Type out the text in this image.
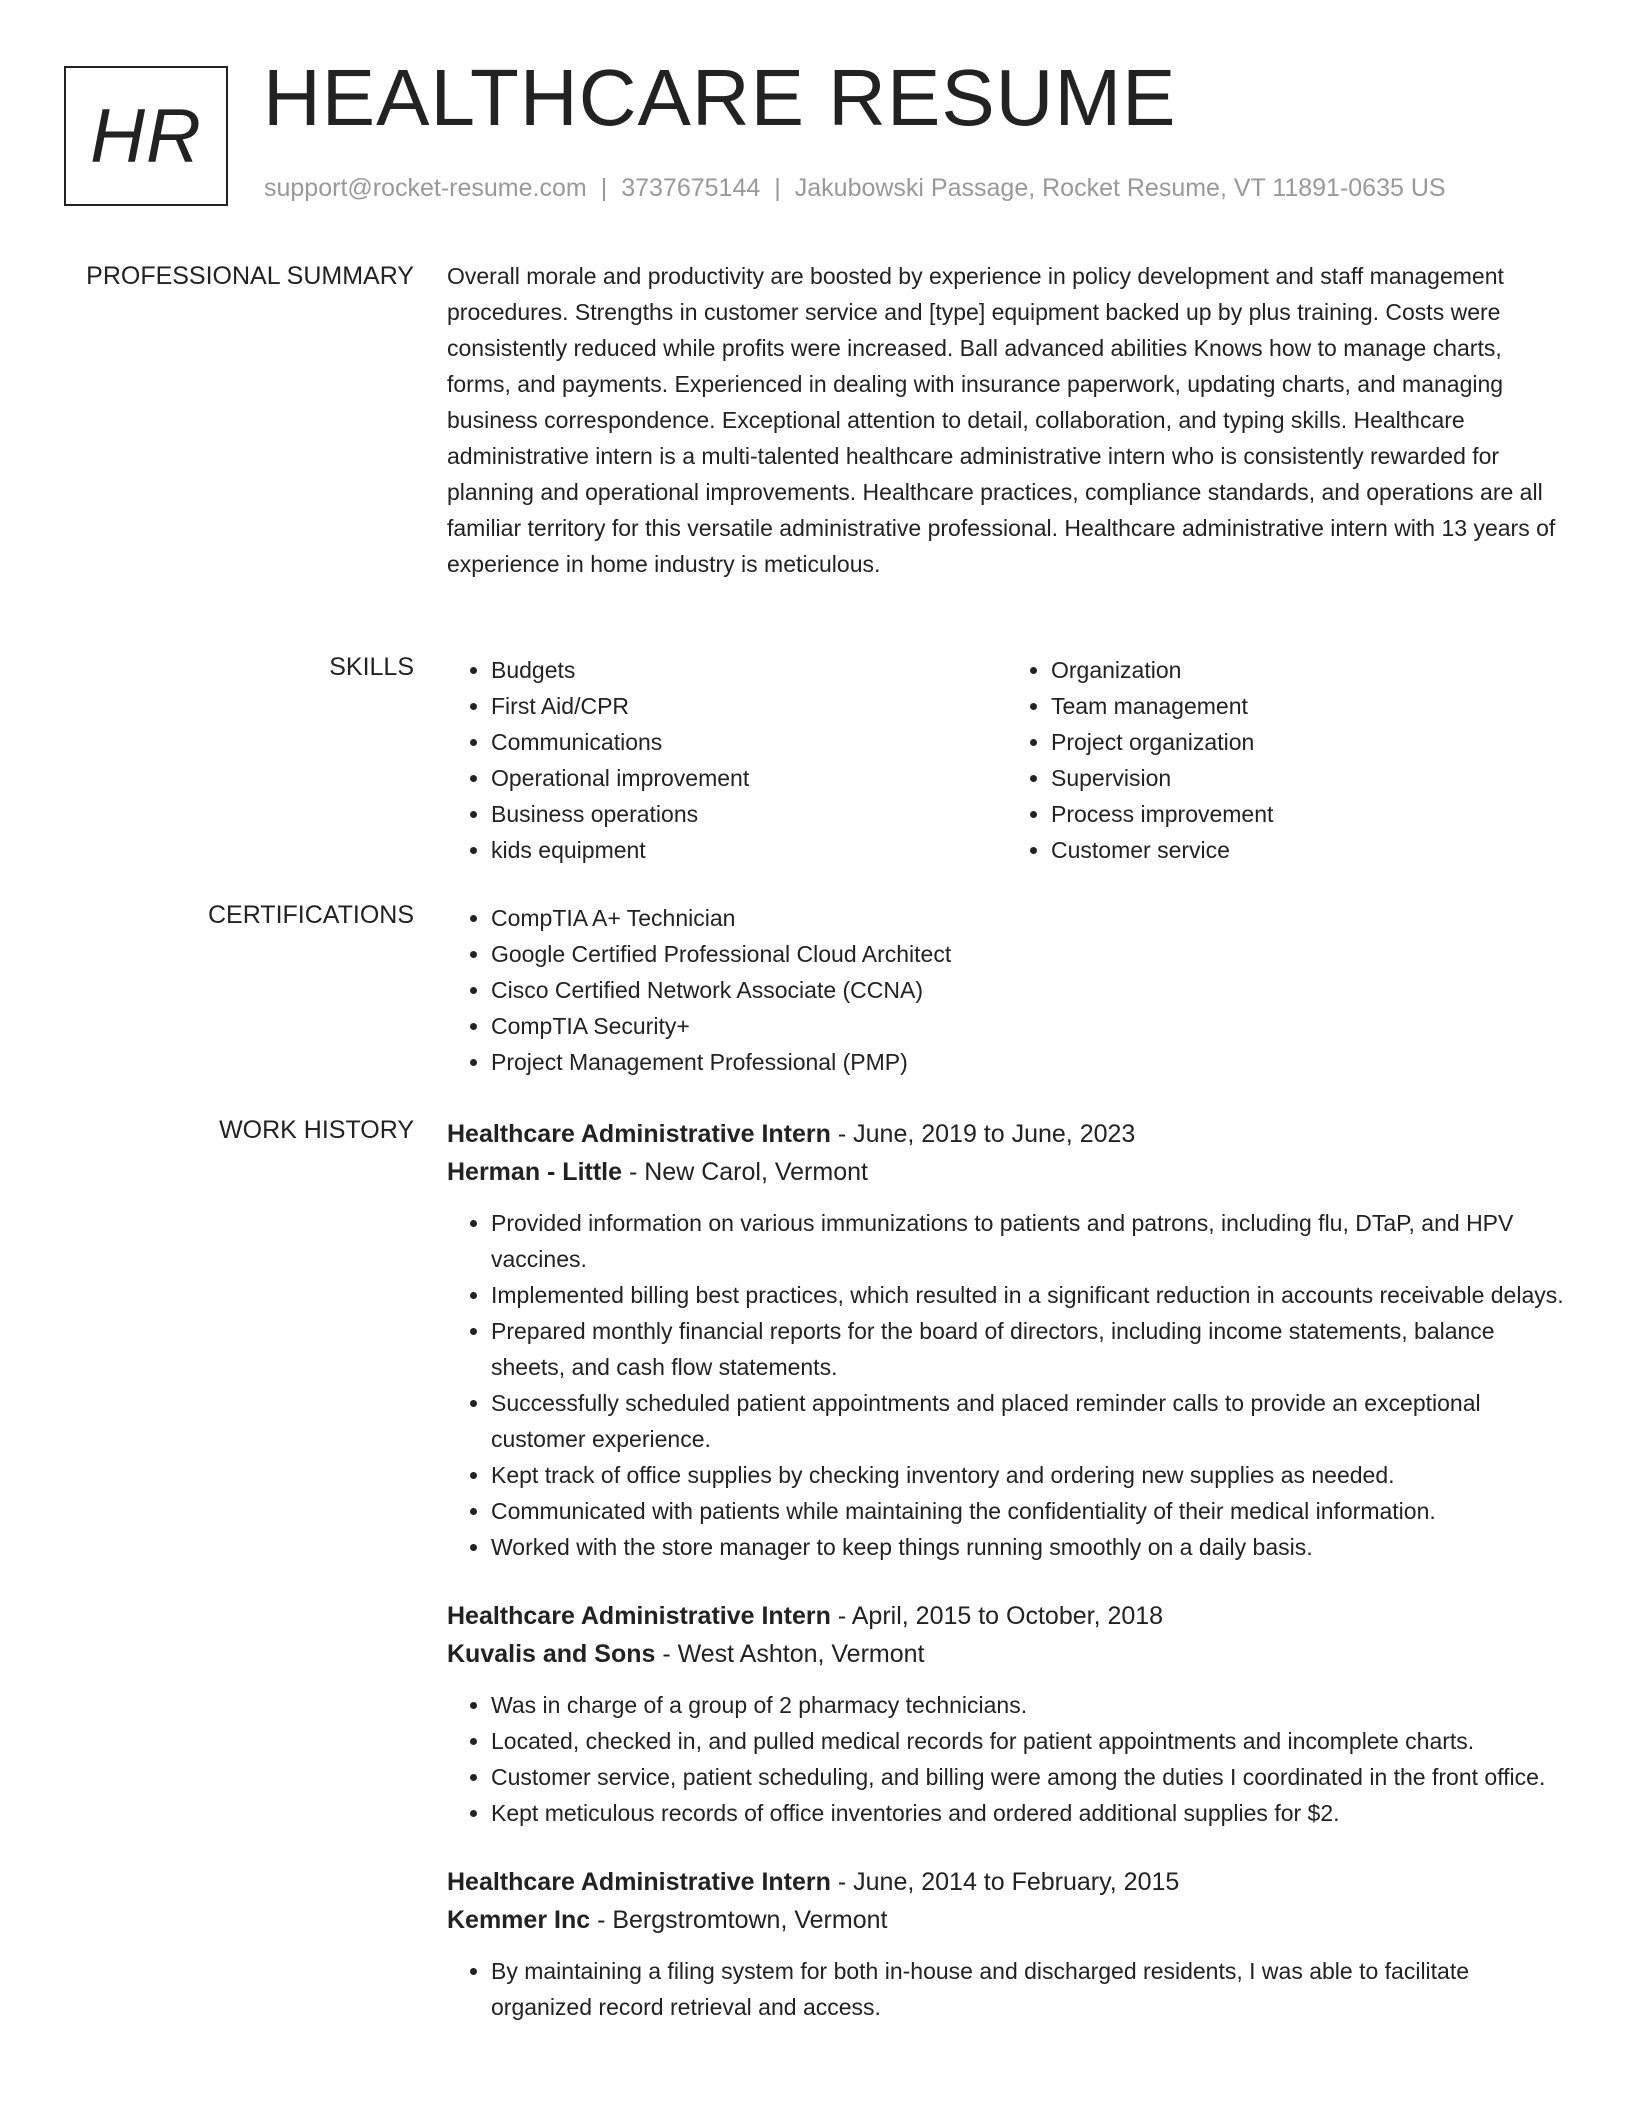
HR HEALTHCARE RESUME
support@rocket-resume.com | 3737675144 | Jakubowski Passage, Rocket Resume, VT 11891-0635 US
PROFESSIONAL SUMMARY Overall morale and productivity are boosted by experience in policy development and staff management procedures. Strengths in customer service and [type] equipment backed up by plus training. Costs were consistently reduced while profits were increased. Ball advanced abilities Knows how to manage charts, forms, and payments. Experienced in dealing with insurance paperwork, updating charts, and managing business correspondence. Exceptional attention to detail, collaboration, and typing skills. Healthcare administrative intern is a multi-talented healthcare administrative intern who is consistently rewarded for planning and operational improvements. Healthcare practices, compliance standards, and operations are all familiar territory for this versatile administrative professional. Healthcare administrative intern with 13 years of experience in home industry is meticulous.

SKILLS	• Budgets
• First Aid/CPR
• Communications
• Operational improvement
• Business operations
• kids equipment
• Organization
• Team management
• Project organization
• Supervision
• Process improvement
• Customer service
CERTIFICATIONS	• CompTIA A+ Technician
• Google Certified Professional Cloud Architect
• Cisco Certified Network Associate (CCNA)
• CompTIA Security+
• Project Management Professional (PMP)
WORK HISTORY Healthcare Administrative Intern - June, 2019 to June, 2023
Herman - Little - New Carol, Vermont
• Provided information on various immunizations to patients and patrons, including flu, DTaP, and HPV vaccines.
• Implemented billing best practices, which resulted in a significant reduction in accounts receivable delays.
• Prepared monthly financial reports for the board of directors, including income statements, balance sheets, and cash flow statements.
• Successfully scheduled patient appointments and placed reminder calls to provide an exceptional customer experience.
• Kept track of office supplies by checking inventory and ordering new supplies as needed.
• Communicated with patients while maintaining the confidentiality of their medical information.
• Worked with the store manager to keep things running smoothly on a daily basis.
Healthcare Administrative Intern - April, 2015 to October, 2018
Kuvalis and Sons - West Ashton, Vermont
• Was in charge of a group of 2 pharmacy technicians.
• Located, checked in, and pulled medical records for patient appointments and incomplete charts.
• Customer service, patient scheduling, and billing were among the duties I coordinated in the front office.
• Kept meticulous records of office inventories and ordered additional supplies for $2.
Healthcare Administrative Intern - June, 2014 to February, 2015
Kemmer Inc - Bergstromtown, Vermont
• By maintaining a filing system for both in-house and discharged residents, I was able to facilitate organized record retrieval and access.
